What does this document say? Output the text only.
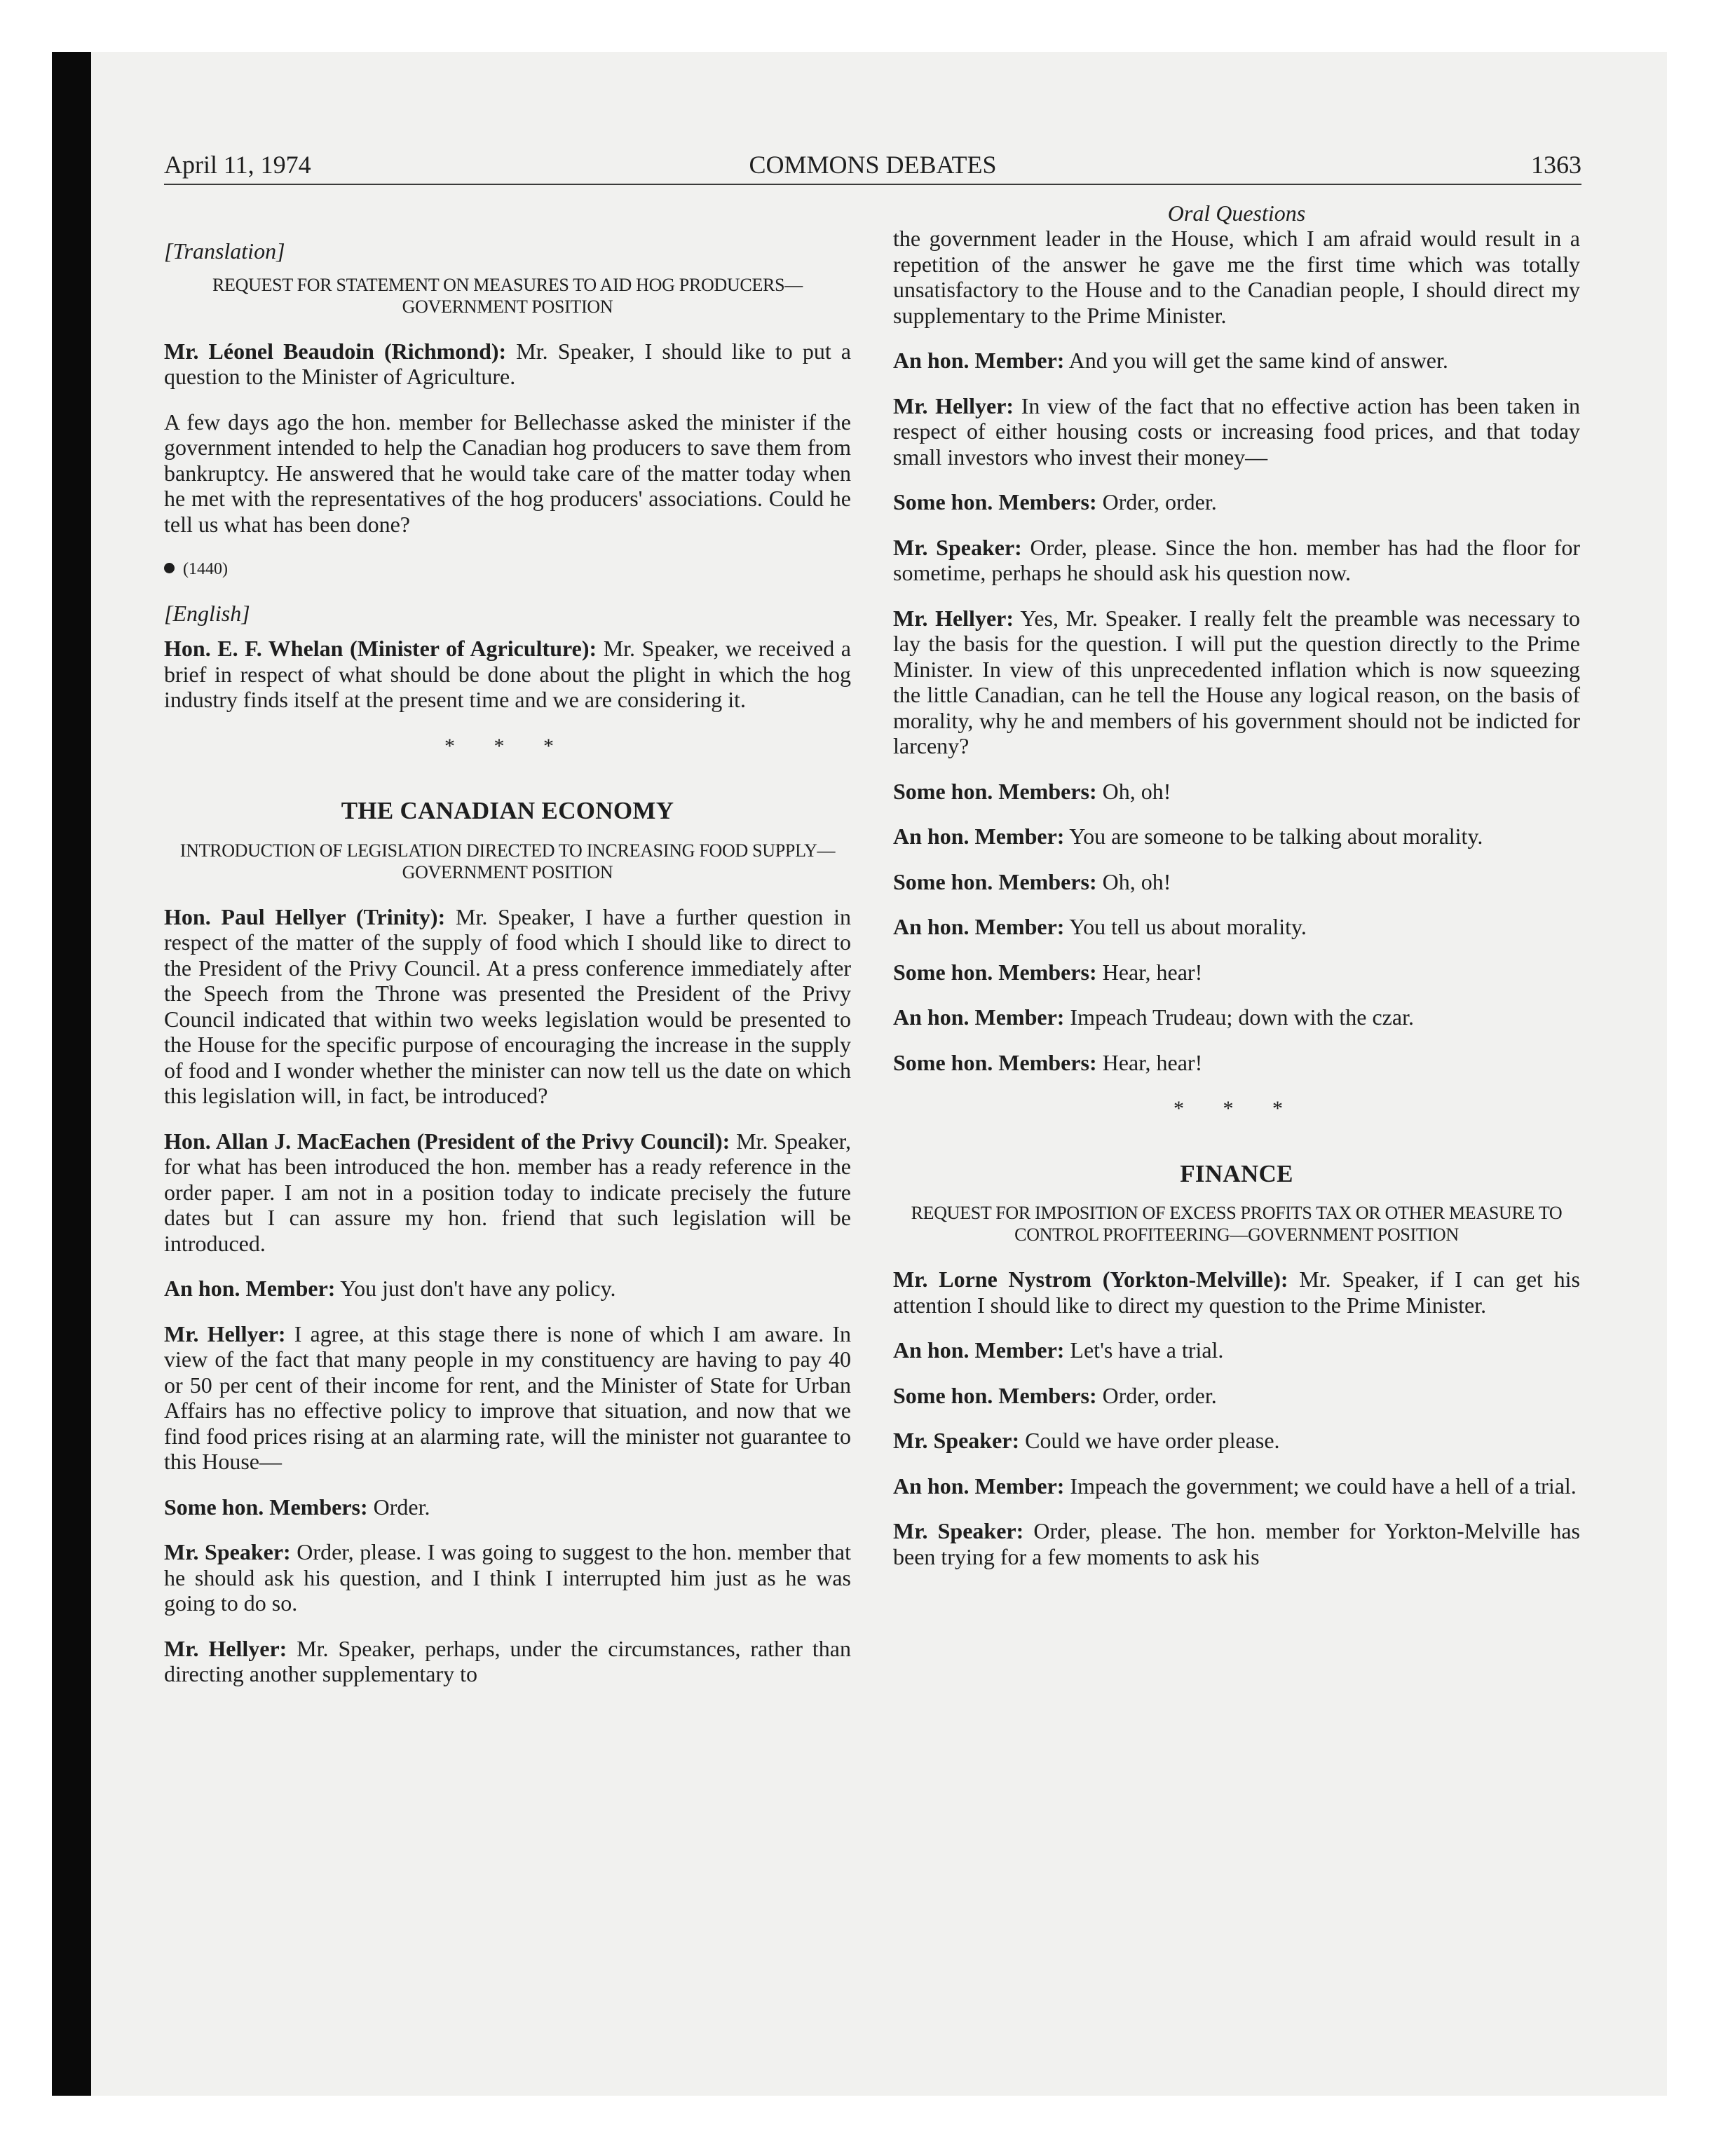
April 11, 1974	COMMONS DEBATES	1363
[Translation]
REQUEST FOR STATEMENT ON MEASURES TO AID HOG PRODUCERS—GOVERNMENT POSITION

Mr. Léonel Beaudoin (Richmond): Mr. Speaker, I should like to put a question to the Minister of Agriculture.

A few days ago the hon. member for Bellechasse asked the minister if the government intended to help the Canadian hog producers to save them from bankruptcy. He answered that he would take care of the matter today when he met with the representatives of the hog producers' associations. Could he tell us what has been done?

(1440)
[English]

Hon. E. F. Whelan (Minister of Agriculture): Mr. Speaker, we received a brief in respect of what should be done about the plight in which the hog industry finds itself at the present time and we are considering it.

* * *
THE CANADIAN ECONOMY
INTRODUCTION OF LEGISLATION DIRECTED TO INCREASING FOOD SUPPLY—GOVERNMENT POSITION

Hon. Paul Hellyer (Trinity): Mr. Speaker, I have a further question in respect of the matter of the supply of food which I should like to direct to the President of the Privy Council. At a press conference immediately after the Speech from the Throne was presented the President of the Privy Council indicated that within two weeks legislation would be presented to the House for the specific purpose of encouraging the increase in the supply of food and I wonder whether the minister can now tell us the date on which this legislation will, in fact, be introduced?

Hon. Allan J. MacEachen (President of the Privy Council): Mr. Speaker, for what has been introduced the hon. member has a ready reference in the order paper. I am not in a position today to indicate precisely the future dates but I can assure my hon. friend that such legislation will be introduced.

An hon. Member: You just don't have any policy.

Mr. Hellyer: I agree, at this stage there is none of which I am aware. In view of the fact that many people in my constituency are having to pay 40 or 50 per cent of their income for rent, and the Minister of State for Urban Affairs has no effective policy to improve that situation, and now that we find food prices rising at an alarming rate, will the minister not guarantee to this House—

Some hon. Members: Order.

Mr. Speaker: Order, please. I was going to suggest to the hon. member that he should ask his question, and I think I interrupted him just as he was going to do so.

Mr. Hellyer: Mr. Speaker, perhaps, under the circumstances, rather than directing another supplementary to

Oral Questions

the government leader in the House, which I am afraid would result in a repetition of the answer he gave me the first time which was totally unsatisfactory to the House and to the Canadian people, I should direct my supplementary to the Prime Minister.

An hon. Member: And you will get the same kind of answer.

Mr. Hellyer: In view of the fact that no effective action has been taken in respect of either housing costs or increasing food prices, and that today small investors who invest their money—

Some hon. Members: Order, order.

Mr. Speaker: Order, please. Since the hon. member has had the floor for sometime, perhaps he should ask his question now.

Mr. Hellyer: Yes, Mr. Speaker. I really felt the preamble was necessary to lay the basis for the question. I will put the question directly to the Prime Minister. In view of this unprecedented inflation which is now squeezing the little Canadian, can he tell the House any logical reason, on the basis of morality, why he and members of his government should not be indicted for larceny?

Some hon. Members: Oh, oh!

An hon. Member: You are someone to be talking about morality.

Some hon. Members: Oh, oh!

An hon. Member: You tell us about morality.

Some hon. Members: Hear, hear!

An hon. Member: Impeach Trudeau; down with the czar.

Some hon. Members: Hear, hear!

* * *
FINANCE
REQUEST FOR IMPOSITION OF EXCESS PROFITS TAX OR OTHER MEASURE TO CONTROL PROFITEERING—GOVERNMENT POSITION

Mr. Lorne Nystrom (Yorkton-Melville): Mr. Speaker, if I can get his attention I should like to direct my question to the Prime Minister.

An hon. Member: Let's have a trial.

Some hon. Members: Order, order.

Mr. Speaker: Could we have order please.

An hon. Member: Impeach the government; we could have a hell of a trial.

Mr. Speaker: Order, please. The hon. member for Yorkton-Melville has been trying for a few moments to ask his
